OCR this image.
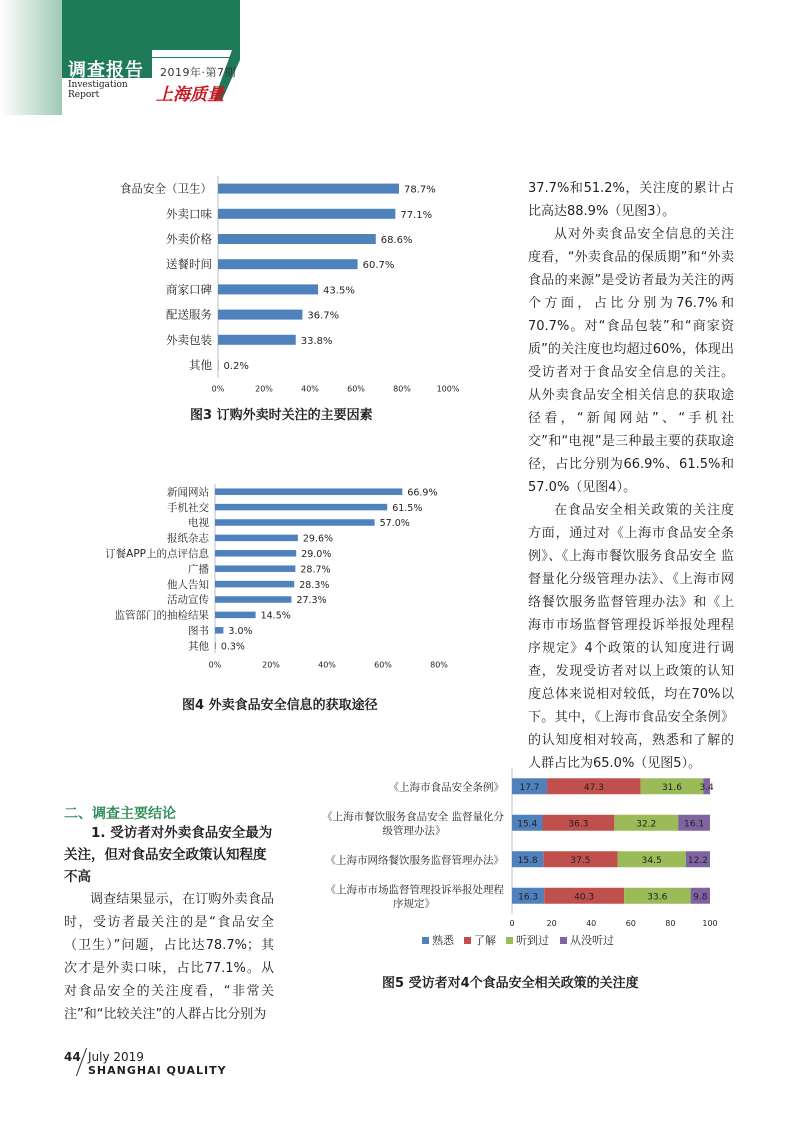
调查报告
Investigation
Report
2019年·第7期
上海质量
食品安全（卫生）	78.7%
外卖口味	77.1%
外卖价格	68.6%
送餐时间	60.7%
商家口碑	43.5%
配送服务	36.7%
外卖包装	33.8%
其他 0.2%
0%	20%	40%	60%	80%	100%
图3 订购外卖时关注的主要因素
新闻网站	66.9%
手机社交	61.5%
电视	57.0%
报纸杂志	29.6%
订餐APP上的点评信息	29.0%
广播	28.7%
他人告知	28.3%
活动宣传	27.3%
监管部门的抽检结果	14.5%
图书 3.0%
其他 0.3%
0%	20%	40%	60%	80%
图4 外卖食品安全信息的获取途径
《上海市食品安全条例》 17.7	47.3	31.6 3.4
《上海市餐饮服务食品安全 监督量化分
级管理办法》
15.4	36.3	32.2	16.1
《上海市网络餐饮服务监督管理办法》 15.8	37.5	34.5	12.2
《上海市市场监督管理投诉举报处理程
序规定》
16.3	40.3	33.6	9.8
0	20	40	60	80	100
熟悉 了解 听到过 从没听过
图5 受访者对4个食品安全相关政策的关注度

37.7%和51.2%，关注度的累计占比高达88.9%（见图3）。

从对外卖食品安全信息的关注度看，“外卖食品的保质期”和“外卖食品的来源”是受访者最为关注的两个方面，占比分别为76.7%和70.7%。对“食品包装”和“商家资质”的关注度也均超过60%，体现出受访者对于食品安全信息的关注。从外卖食品安全相关信息的获取途径看，“新闻网站”、“手机社交”和“电视”是三种最主要的获取途径，占比分别为66.9%、61.5%和57.0%（见图4）。

在食品安全相关政策的关注度方面，通过对《上海市食品安全条例》、《上海市餐饮服务食品安全 监督量化分级管理办法》、《上海市网络餐饮服务监督管理办法》和《上海市市场监督管理投诉举报处理程序规定》4个政策的认知度进行调查，发现受访者对以上政策的认知度总体来说相对较低，均在70%以下。其中，《上海市食品安全条例》的认知度相对较高，熟悉和了解的人群占比为65.0%（见图5）。

二、调查主要结论
1. 受访者对外卖食品安全最为关注，但对食品安全政策认知程度不高
调查结果显示，在订购外卖食品时，受访者最关注的是“食品安全（卫生）”问题，占比达78.7%；其次才是外卖口味，占比77.1%。从对食品安全的关注度看，“非常关注”和“比较关注”的人群占比分别为
44 July 2019
SHANGHAI QUALITY
